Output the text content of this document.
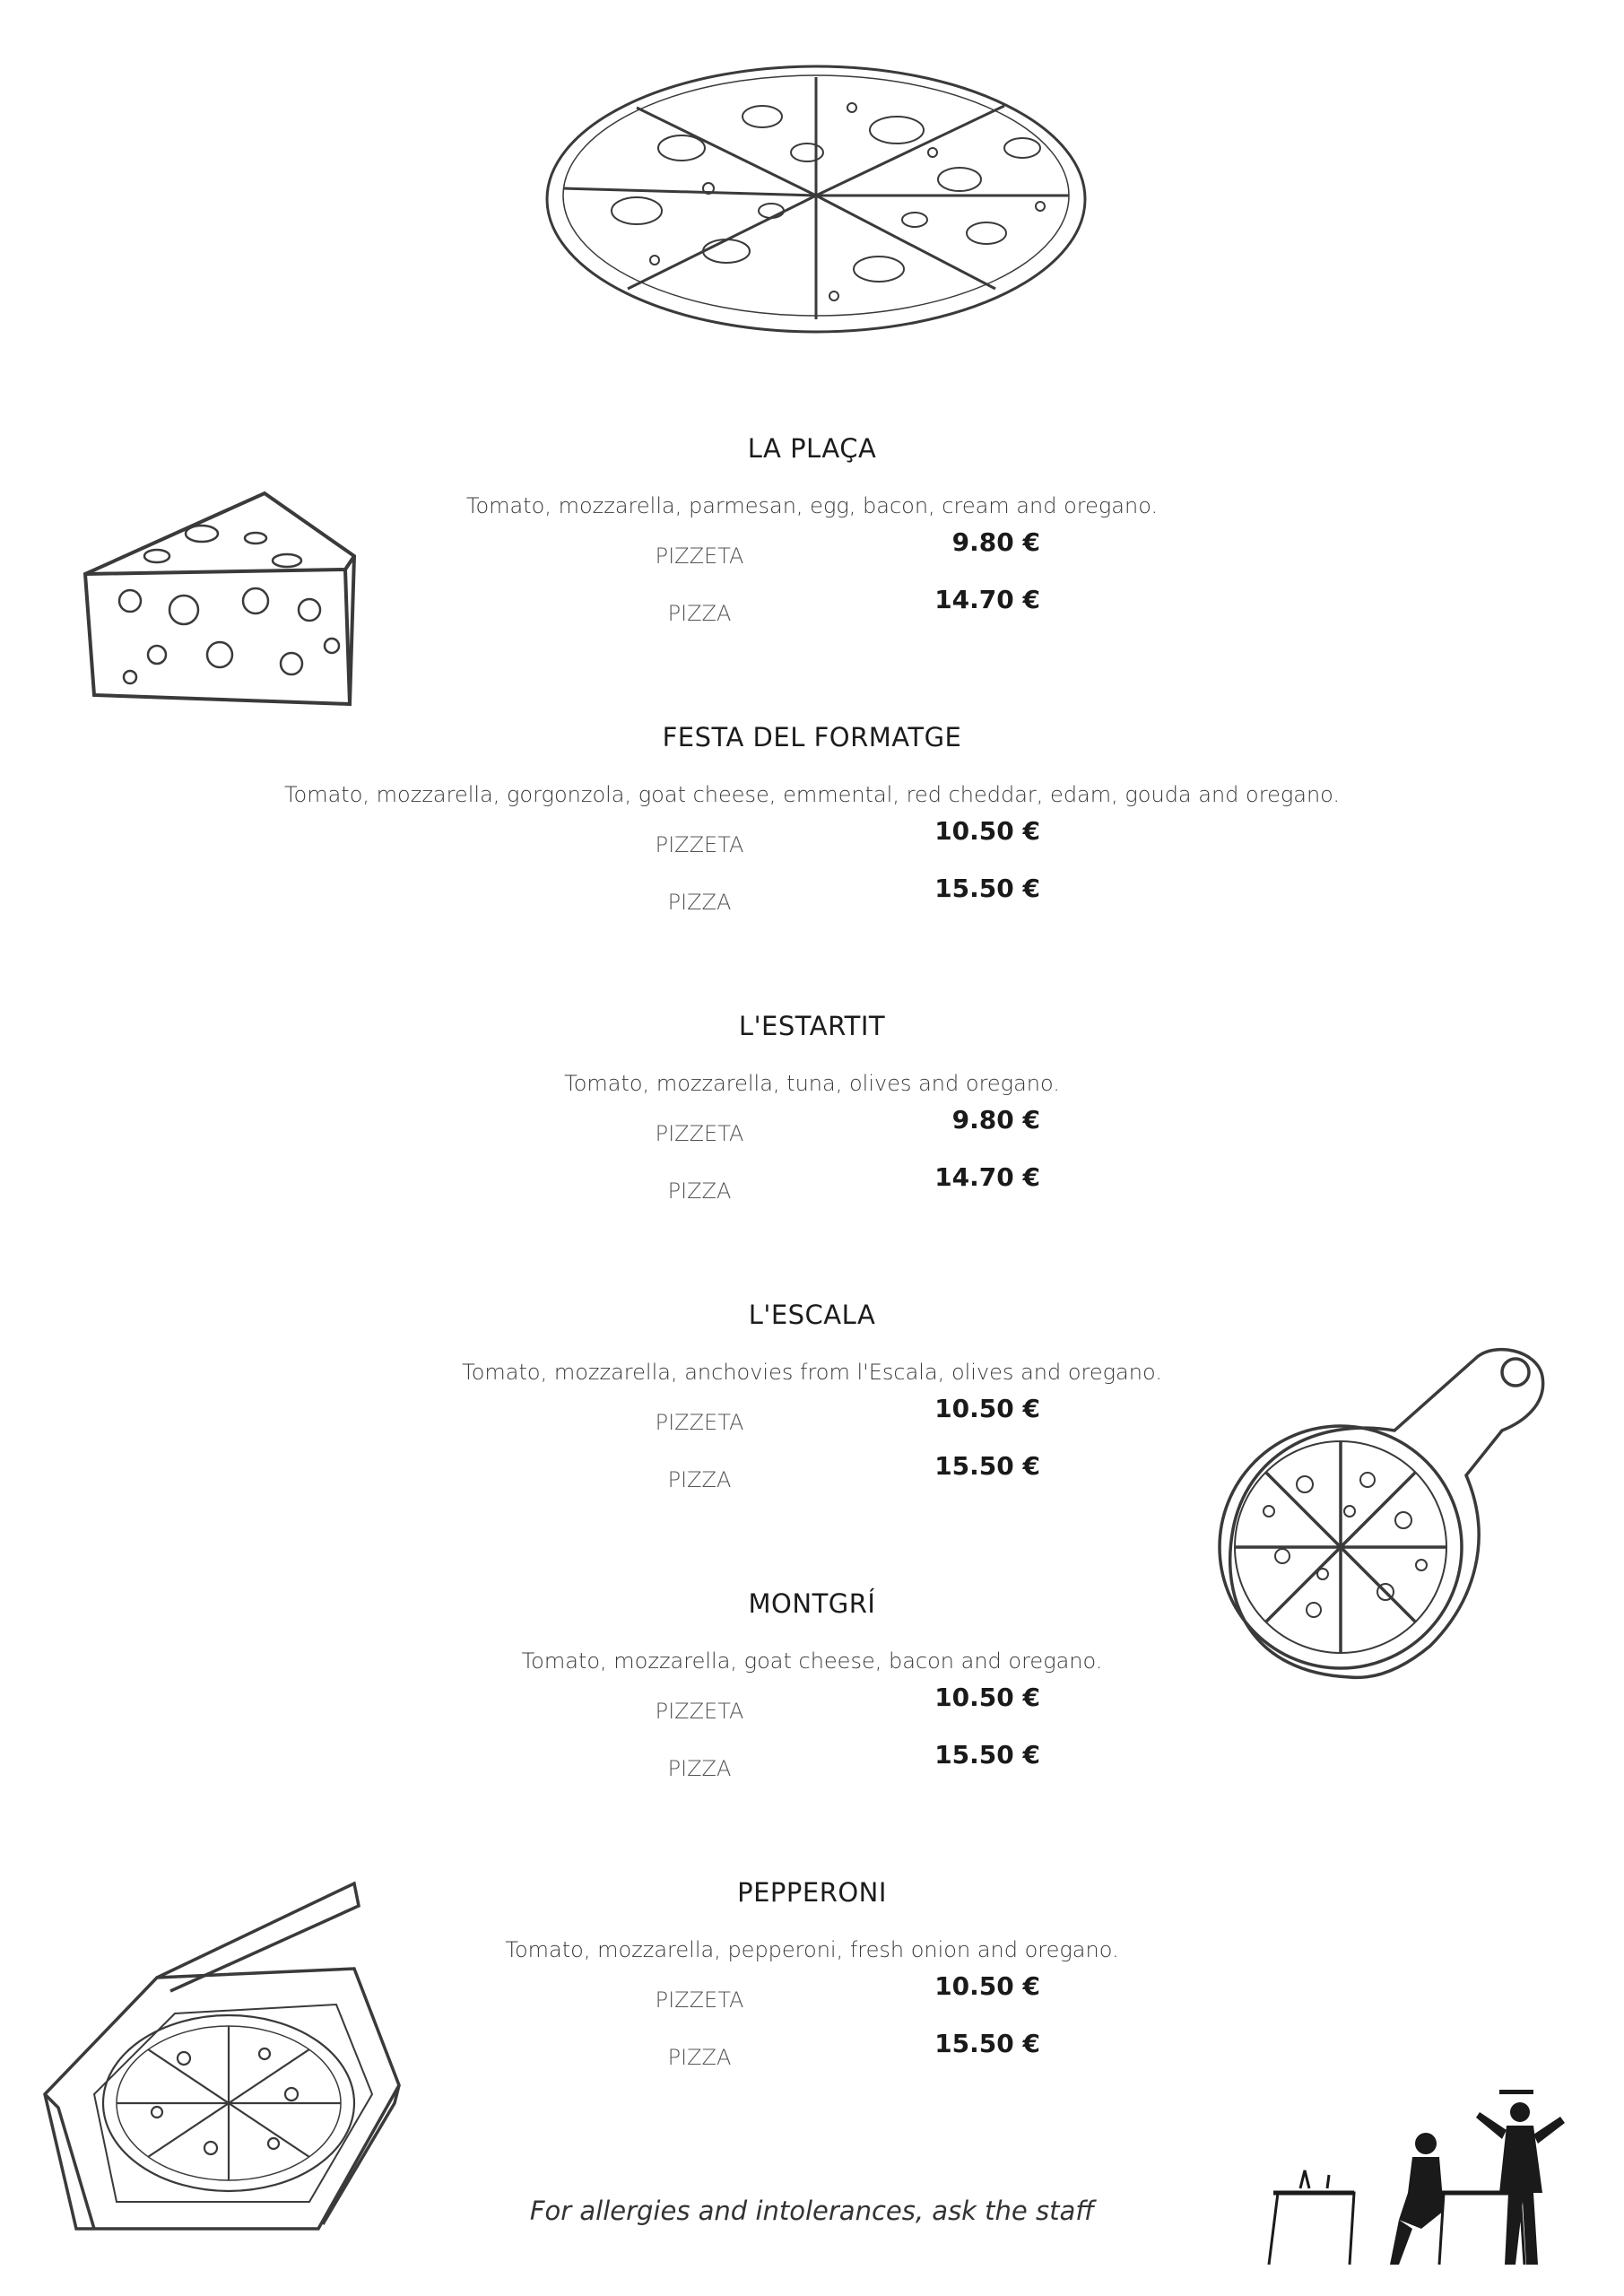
LA PLAÇA
Tomato, mozzarella, parmesan, egg, bacon, cream and oregano.
PIZZETA	9.80 €
PIZZA	14.70 €
FESTA DEL FORMATGE
Tomato, mozzarella, gorgonzola, goat cheese, emmental, red cheddar, edam, gouda and oregano.
PIZZETA	10.50 €
PIZZA	15.50 €
L'ESTARTIT
Tomato, mozzarella, tuna, olives and oregano.
PIZZETA	9.80 €
PIZZA	14.70 €
L'ESCALA
Tomato, mozzarella, anchovies from l'Escala, olives and oregano.
PIZZETA	10.50 €
PIZZA	15.50 €
MONTGRÍ
Tomato, mozzarella, goat cheese, bacon and oregano.
PIZZETA	10.50 €
PIZZA	15.50 €
PEPPERONI
Tomato, mozzarella, pepperoni, fresh onion and oregano.
PIZZETA	10.50 €
PIZZA	15.50 €
For allergies and intolerances, ask the staff
